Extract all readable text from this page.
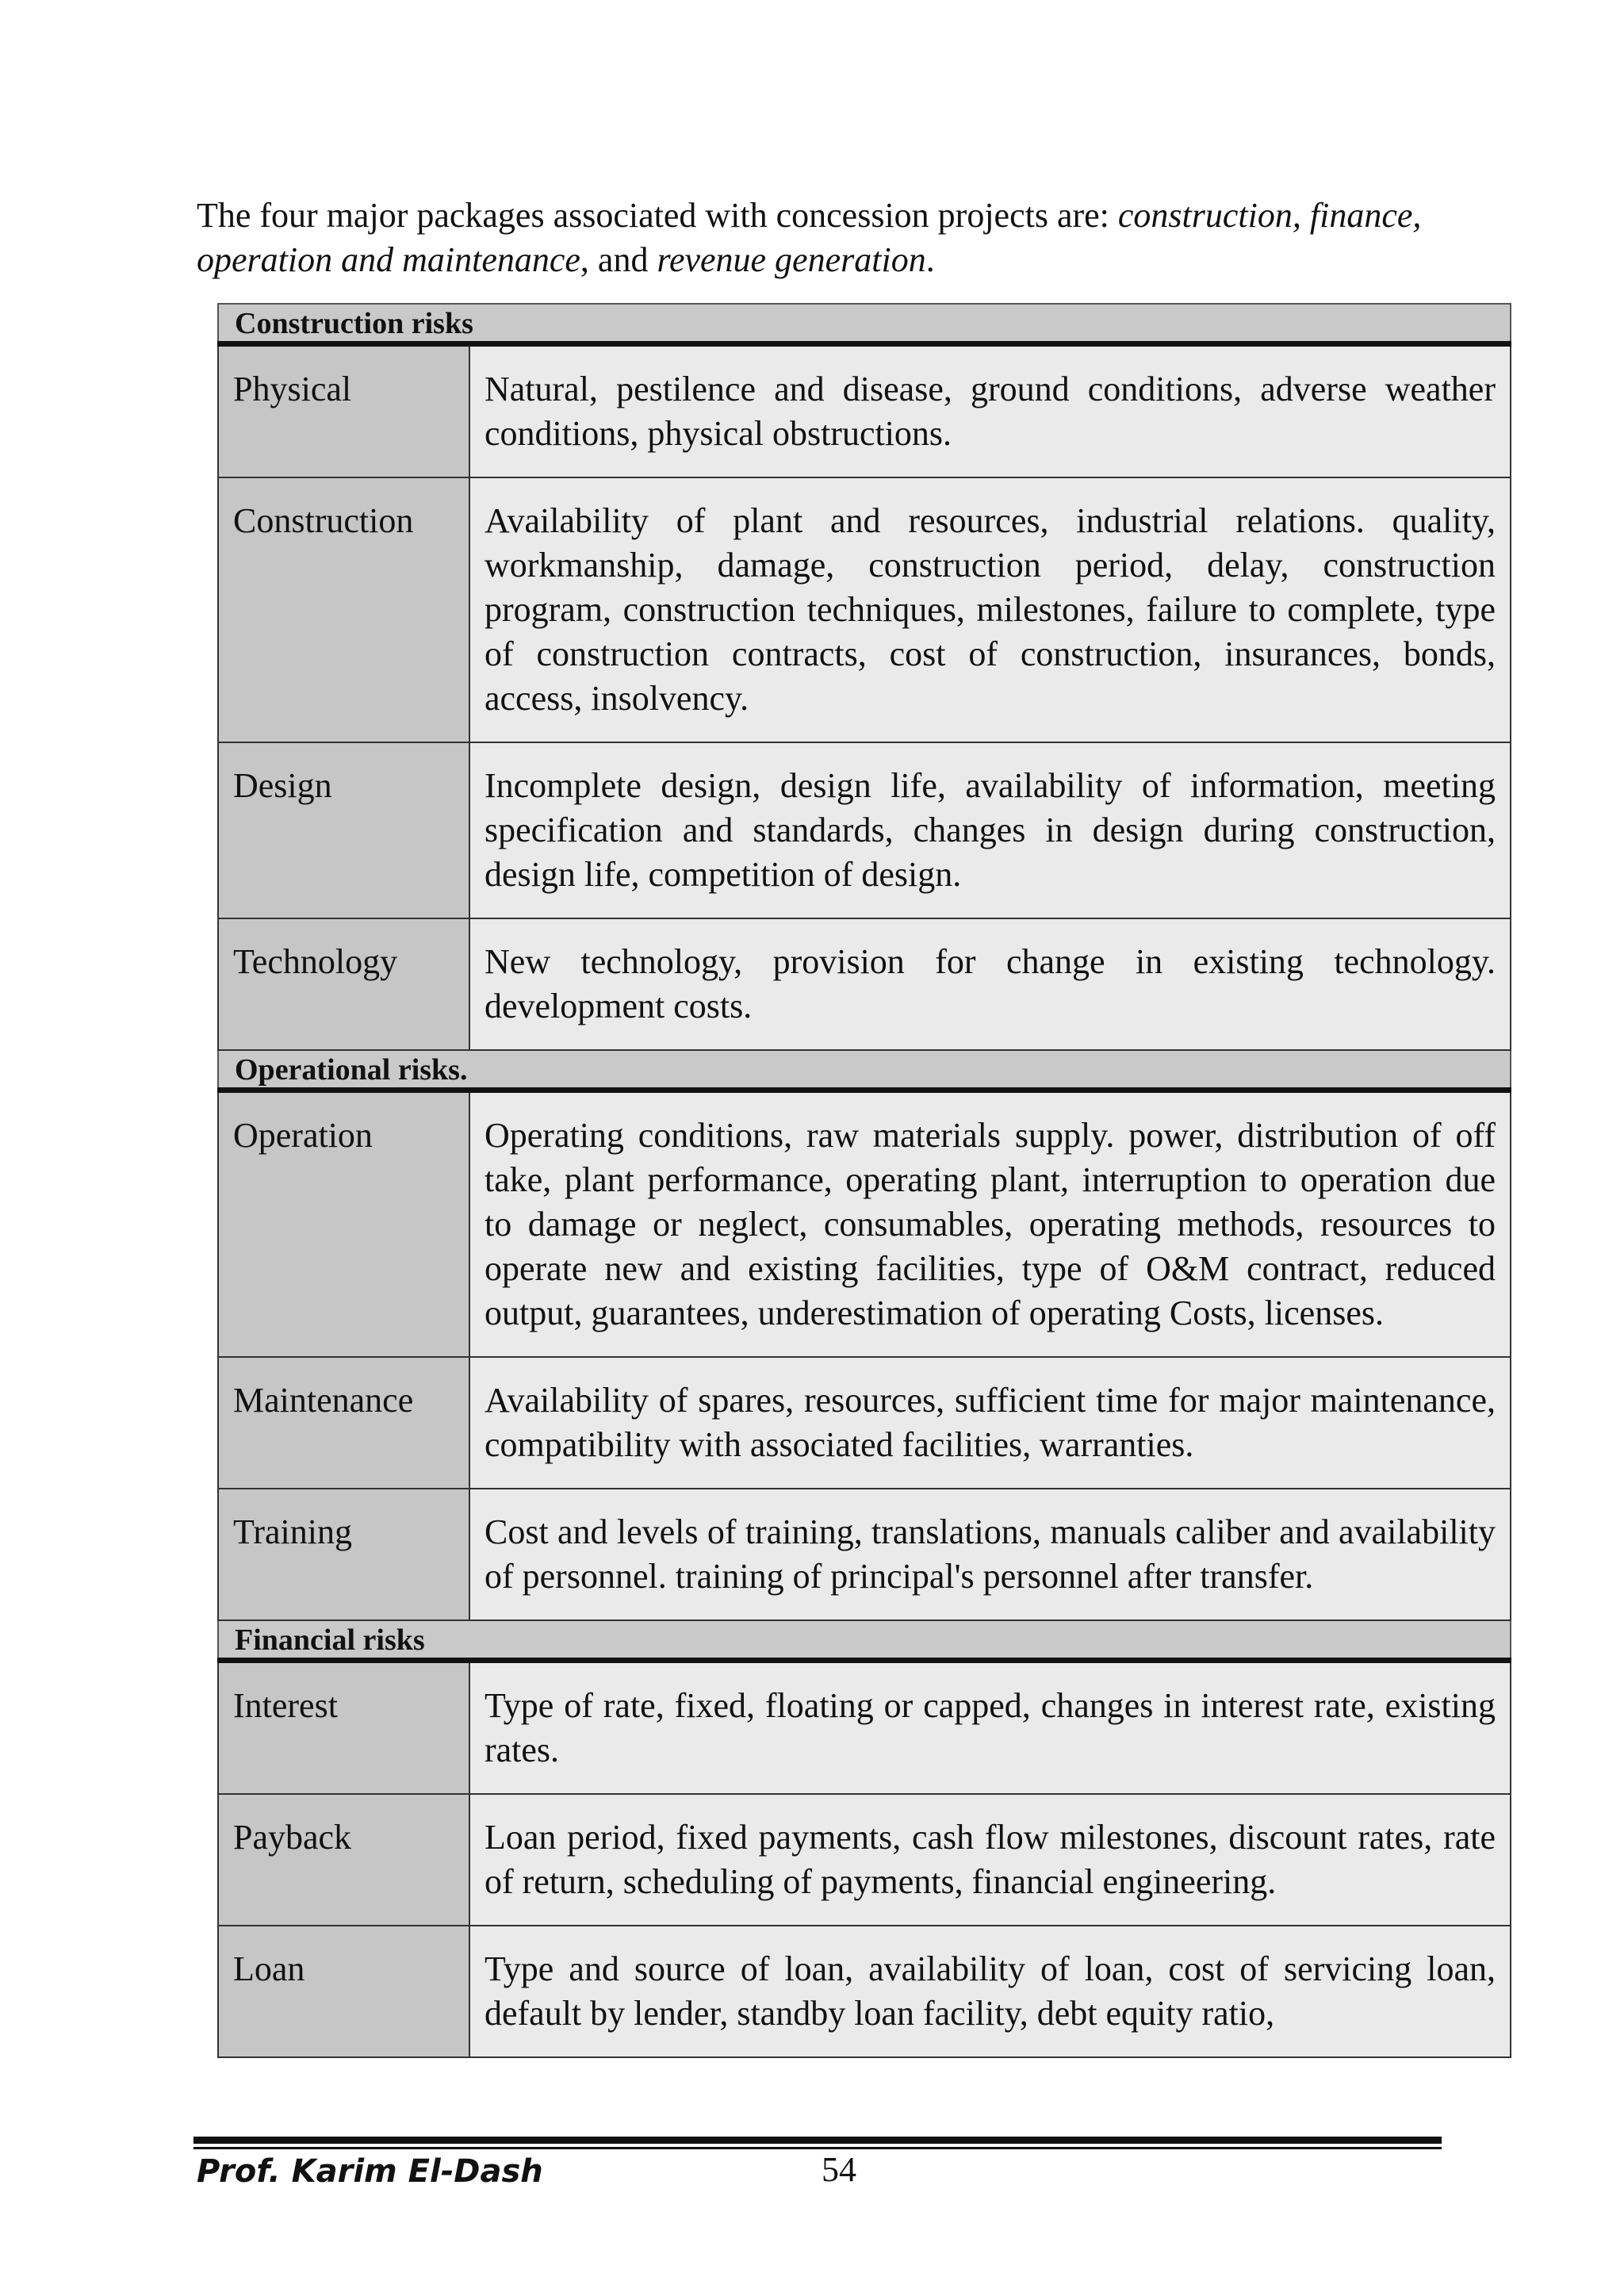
The four major packages associated with concession projects are: construction, finance, operation and maintenance, and revenue generation.
Construction risks	
Physical	Natural, pestilence and disease, ground conditions, adverse weather conditions, physical obstructions.
Construction	Availability of plant and resources, industrial relations. quality, workmanship, damage, construction period, delay, construction program, construction techniques, milestones, failure to complete, type of construction contracts, cost of construction, insurances, bonds, access, insolvency.
Design	Incomplete design, design life, availability of information, meeting specification and standards, changes in design during construction, design life, competition of design.
Technology	New technology, provision for change in existing technology. development costs.
Operational risks.	
Operation	Operating conditions, raw materials supply. power, distribution of off take, plant performance, operating plant, interruption to operation due to damage or neglect, consumables, operating methods, resources to operate new and existing facilities, type of O&M contract, reduced output, guarantees, underestimation of operating Costs, licenses.
Maintenance	Availability of spares, resources, sufficient time for major maintenance, compatibility with associated facilities, warranties.
Training	Cost and levels of training, translations, manuals caliber and availability of personnel. training of principal's personnel after transfer.
Financial risks	
Interest	Type of rate, fixed, floating or capped, changes in interest rate, existing rates.
Payback	Loan period, fixed payments, cash flow milestones, discount rates, rate of return, scheduling of payments, financial engineering.
Loan	Type and source of loan, availability of loan, cost of servicing loan, default by lender, standby loan facility, debt equity ratio,
Prof. Karim El-Dash	54
